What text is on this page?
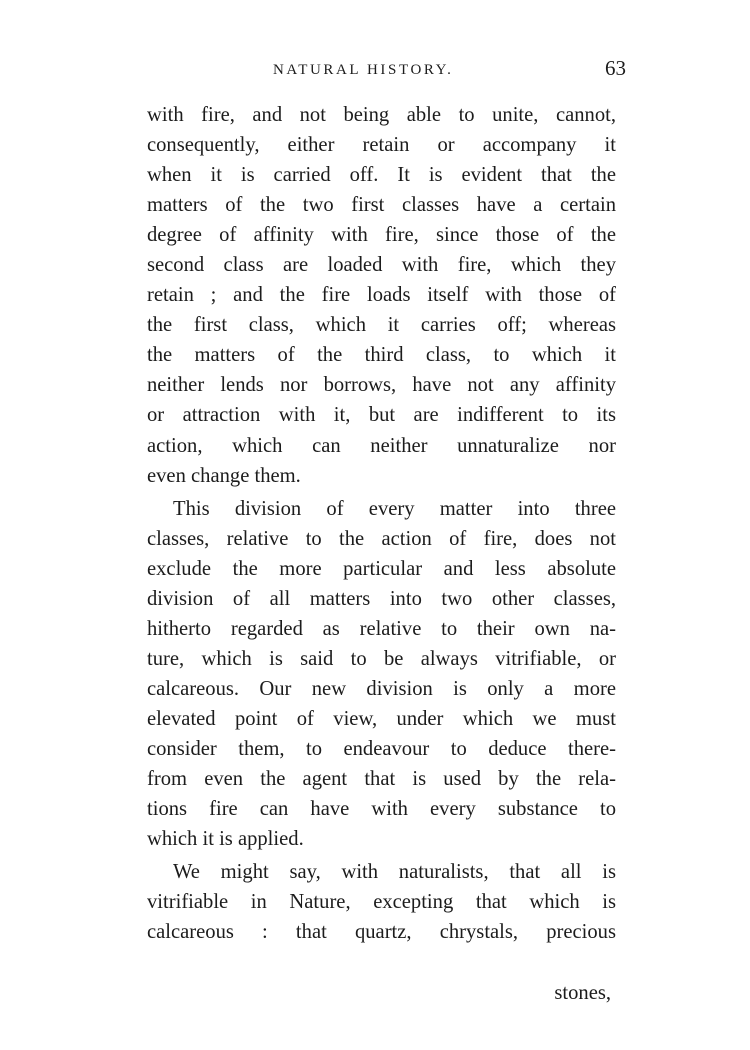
NATURAL HISTORY.	63
with fire, and not being able to unite, cannot,
consequently, either retain or accompany it
when it is carried off. It is evident that the
matters of the two first classes have a certain
degree of affinity with fire, since those of the
second class are loaded with fire, which they
retain ; and the fire loads itself with those of
the first class, which it carries off; whereas
the matters of the third class, to which it
neither lends nor borrows, have not any affinity
or attraction with it, but are indifferent to its
action, which can neither unnaturalize nor
even change them.
This division of every matter into three
classes, relative to the action of fire, does not
exclude the more particular and less absolute
division of all matters into two other classes,
hitherto regarded as relative to their own na-
ture, which is said to be always vitrifiable, or
calcareous. Our new division is only a more
elevated point of view, under which we must
consider them, to endeavour to deduce there-
from even the agent that is used by the rela-
tions fire can have with every substance to
which it is applied.
We might say, with naturalists, that all is
vitrifiable in Nature, excepting that which is
calcareous : that quartz, chrystals, precious
stones,
